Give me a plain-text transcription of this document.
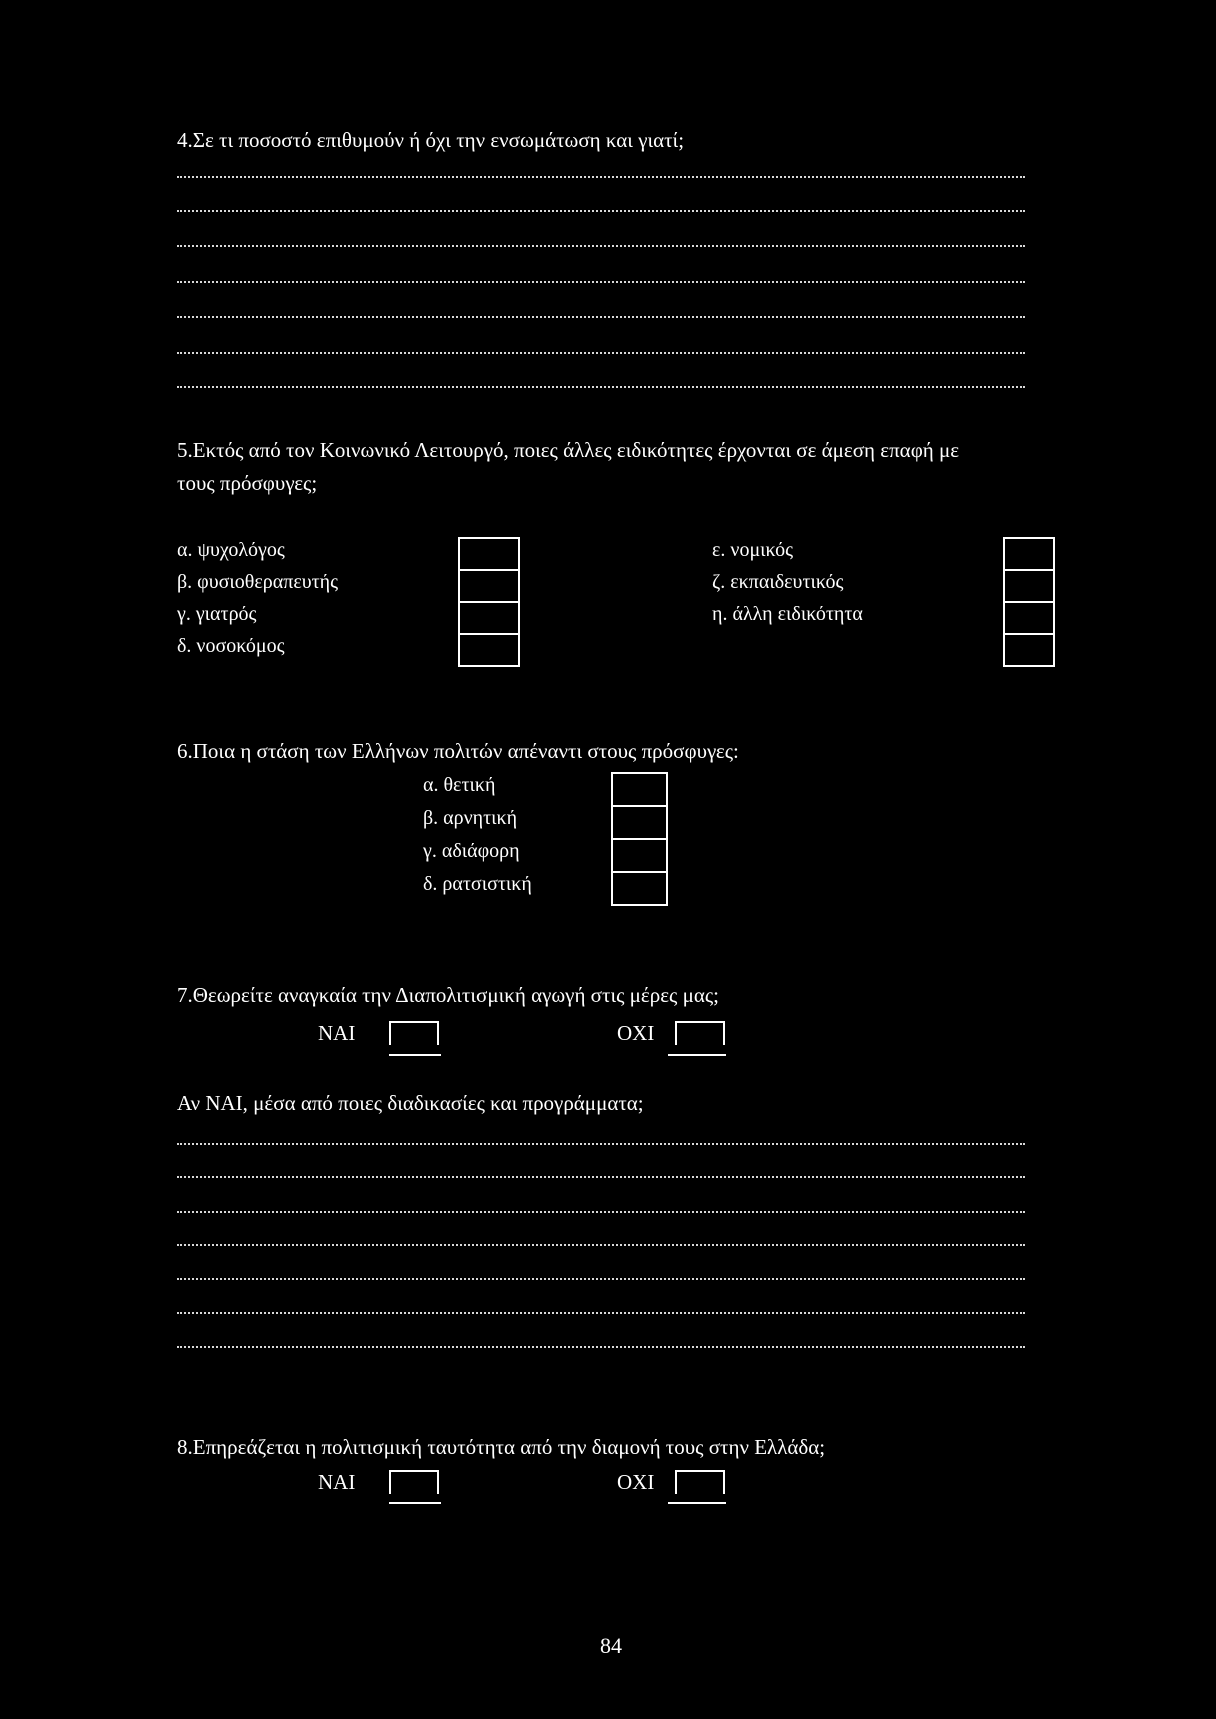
4.Σε τι ποσοστό επιθυμούν ή όχι την ενσωμάτωση και γιατί;
5.Εκτός από τον Κοινωνικό Λειτουργό, ποιες άλλες ειδικότητες έρχονται σε άμεση επαφή με
τους πρόσφυγες;
α. ψυχολόγος
β. φυσιοθεραπευτής
γ. γιατρός
δ. νοσοκόμος
ε. νομικός
ζ. εκπαιδευτικός
η. άλλη ειδικότητα
6.Ποια η στάση των Ελλήνων πολιτών απέναντι στους πρόσφυγες:
α. θετική
β. αρνητική
γ. αδιάφορη
δ. ρατσιστική
7.Θεωρείτε αναγκαία την Διαπολιτισμική αγωγή στις μέρες μας;
ΝΑΙ	ΟΧΙ
Αν ΝΑΙ, μέσα από ποιες διαδικασίες και προγράμματα;
8.Επηρεάζεται η πολιτισμική ταυτότητα από την διαμονή τους στην Ελλάδα;
ΝΑΙ	ΟΧΙ
84
